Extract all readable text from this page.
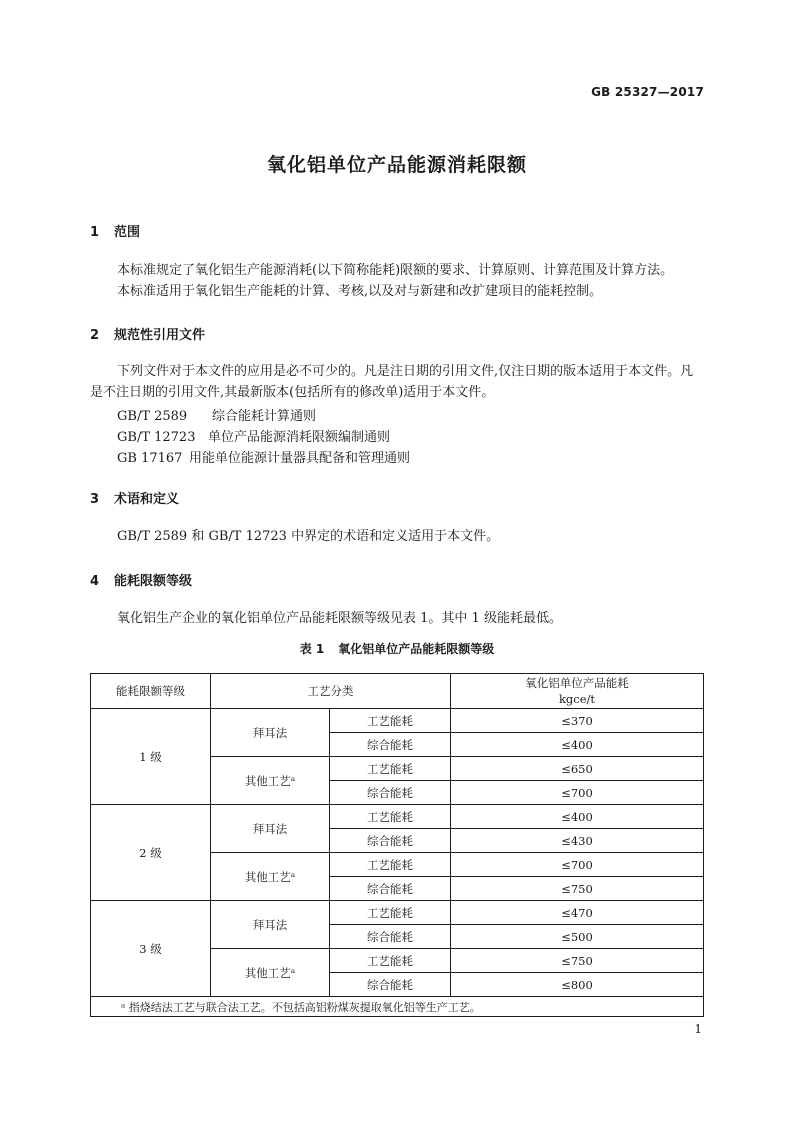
GB 25327—2017
氧化铝单位产品能源消耗限额
1 范围
本标准规定了氧化铝生产能源消耗(以下简称能耗)限额的要求、计算原则、计算范围及计算方法。
本标准适用于氧化铝生产能耗的计算、考核,以及对与新建和改扩建项目的能耗控制。
2 规范性引用文件
下列文件对于本文件的应用是必不可少的。凡是注日期的引用文件,仅注日期的版本适用于本文件。凡是不注日期的引用文件,其最新版本(包括所有的修改单)适用于本文件。
GB/T 2589 综合能耗计算通则
GB/T 12723 单位产品能源消耗限额编制通则
GB 17167 用能单位能源计量器具配备和管理通则
3 术语和定义
GB/T 2589 和 GB/T 12723 中界定的术语和定义适用于本文件。
4 能耗限额等级
氧化铝生产企业的氧化铝单位产品能耗限额等级见表 1。其中 1 级能耗最低。
表 1 氧化铝单位产品能耗限额等级
能耗限额等级	工艺分类		氧化铝单位产品能耗
kgce/t

1 级	拜耳法	工艺能耗	≤370
		综合能耗	≤400
	其他工艺ᵃ	工艺能耗	≤650
		综合能耗	≤700
2 级	拜耳法	工艺能耗	≤400
		综合能耗	≤430
	其他工艺ᵃ	工艺能耗	≤700
		综合能耗	≤750
3 级	拜耳法	工艺能耗	≤470
		综合能耗	≤500
	其他工艺ᵃ	工艺能耗	≤750
		综合能耗	≤800
ᵃ 指烧结法工艺与联合法工艺。不包括高铝粉煤灰提取氧化铝等生产工艺。			
1
